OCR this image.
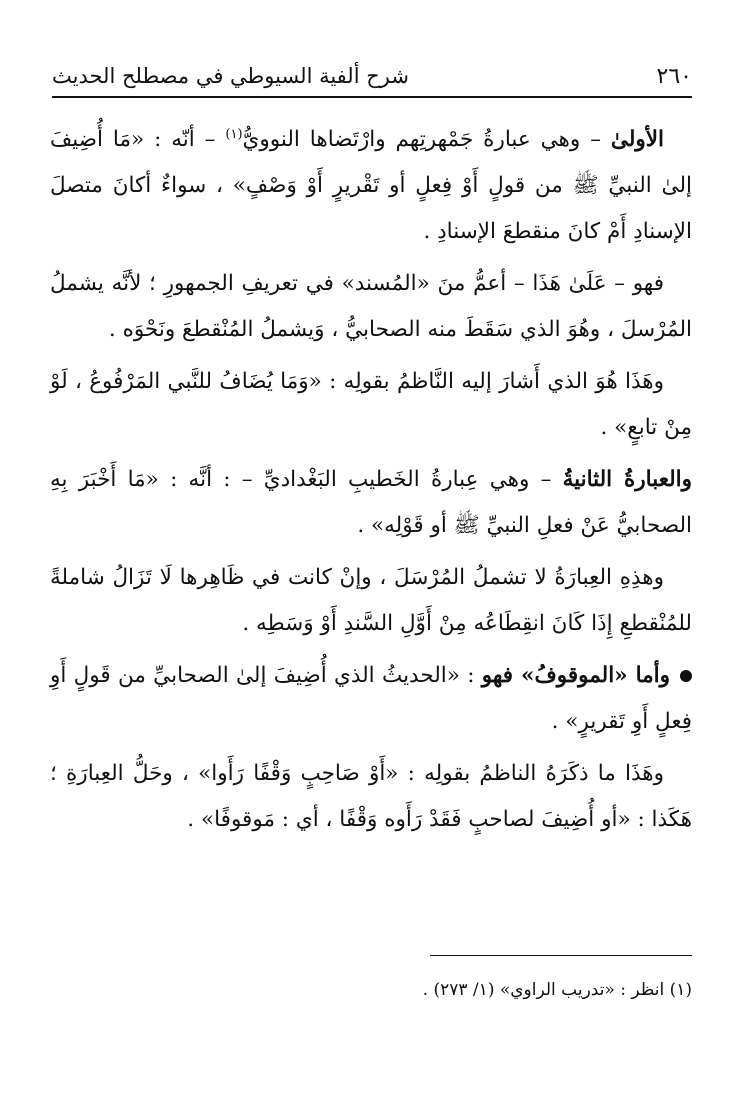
٢٦٠
شرح ألفية السيوطي في مصطلح الحديث

الأولىٰ – وهي عبارةُ جَمْهرتِهم وارْتَضاها النوويُّ$^{(١)}$ – أنّه : «مَا أُضِيفَ إلىٰ النبيِّ ﷺ من قولٍ أَوْ فِعلٍ أو تَقْريرٍ أَوْ وَصْفٍ» ، سواءٌ أكانَ متصلَ الإسنادِ أَمْ كانَ منقطعَ الإسنادِ .

فهو – عَلَىٰ هَذَا – أعمُّ منَ «المُسند» في تعريفِ الجمهورِ ؛ لأنَّه يشملُ المُرْسلَ ، وهُوَ الذي سَقَطَ منه الصحابيُّ ، وَيشملُ المُنْقطعَ ونَحْوَه .

وهَذَا هُوَ الذي أَشارَ إليه النَّاظمُ بقولِه : «وَمَا يُضَافُ للنَّبي المَرْفُوعُ ، لَوْ مِنْ تابعٍ» .

والعبارةُ الثانيةُ – وهي عِبارةُ الخَطيبِ البَغْداديِّ – : أنَّه : «مَا أَخْبَرَ بِهِ الصحابيُّ عَنْ فعلِ النبيِّ ﷺ أو قَوْلِه» .

وهذِهِ العِبارَةُ لا تشملُ المُرْسَلَ ، وإنْ كانت في ظَاهِرها لَا تَزَالُ شاملةً للمُنْقطعِ إِذَا كَانَ انقِطَاعُه مِنْ أَوَّلِ السَّندِ أَوْ وَسَطِه .

وأما «الموقوفُ» فهو : «الحديثُ الذي أُضِيفَ إلىٰ الصحابيِّ من قَولٍ أَوِ فِعلٍ أَوِ تَقريرٍ» .

وهَذَا ما ذكَرَهُ الناظمُ بقولِه : «أَوْ صَاحِبٍ وَقْفًا رَأَوا» ، وحَلُّ العِبارَةِ ؛ هَكَذا : «أو أُضِيفَ لصاحبٍ فَقَدْ رَأَوه وَقْفًا ، أي : مَوقوفًا» .

(١) انظر : «تدريب الراوي» (١/ ٢٧٣) .
